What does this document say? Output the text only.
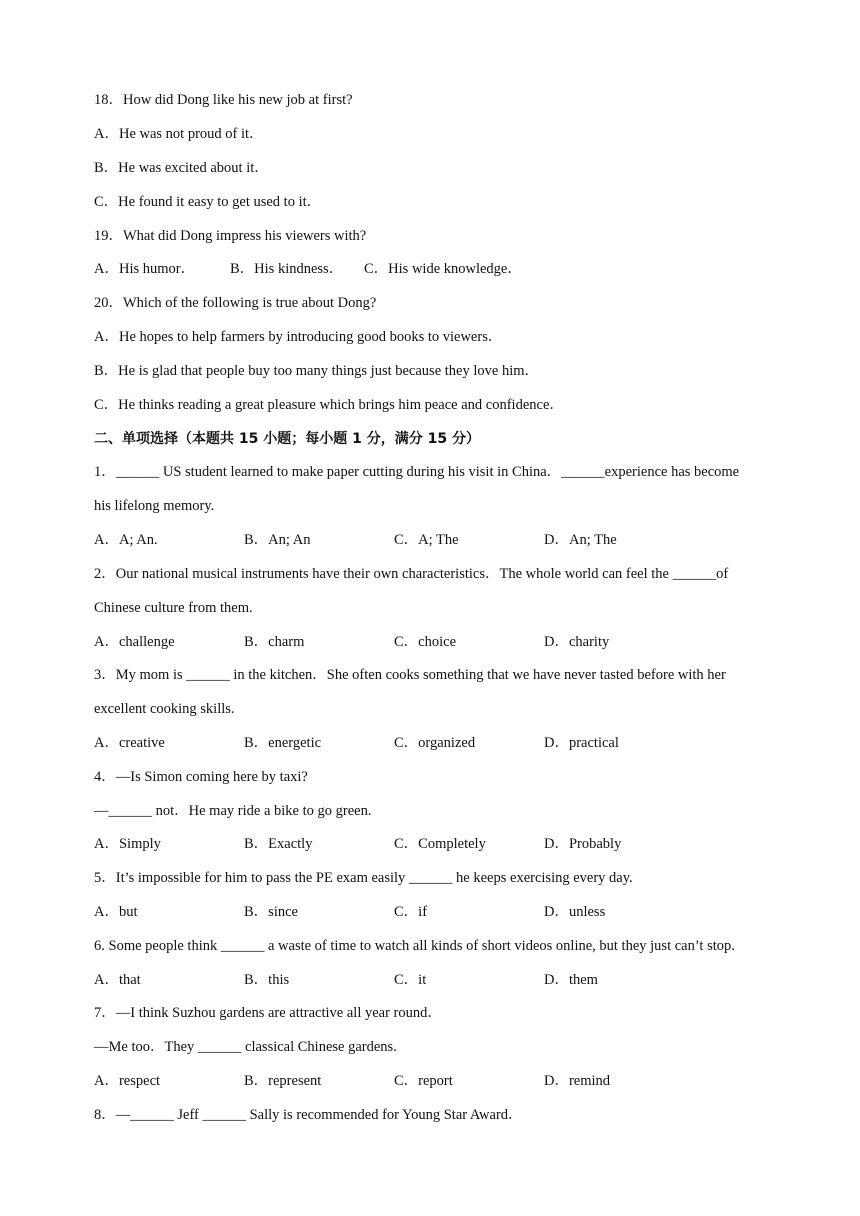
18．How did Dong like his new job at first?
A．He was not proud of it．
B．He was excited about it．
C．He found it easy to get used to it．
19．What did Dong impress his viewers with?
A．His humor． B．His kindness． C．His wide knowledge．
20．Which of the following is true about Dong?
A．He hopes to help farmers by introducing good books to viewers．
B．He is glad that people buy too many things just because they love him．
C．He thinks reading a great pleasure which brings him peace and confidence．
二、单项选择（本题共 15 小题；每小题 1 分，满分 15 分）
1．______ US student learned to make paper cutting during his visit in China．______experience has become
his lifelong memory.
A．A; An.	B．An; An	C．A; The	D．An; The
2．Our national musical instruments have their own characteristics．The whole world can feel the ______of
Chinese culture from them.
A．challenge	B．charm	C．choice	D．charity
3．My mom is ______ in the kitchen．She often cooks something that we have never tasted before with her
excellent cooking skills.
A．creative	B．energetic	C．organized	D．practical
4．—Is Simon coming here by taxi?
—______ not．He may ride a bike to go green.
A．Simply	B．Exactly	C．Completely	D．Probably
5．It’s impossible for him to pass the PE exam easily ______ he keeps exercising every day.
A．but	B．since	C．if	D．unless
6. Some people think ______ a waste of time to watch all kinds of short videos online, but they just can’t stop.
A．that	B．this	C．it	D．them
7．—I think Suzhou gardens are attractive all year round．
—Me too．They ______ classical Chinese gardens.
A．respect	B．represent	C．report	D．remind
8．—______ Jeff ______ Sally is recommended for Young Star Award．
